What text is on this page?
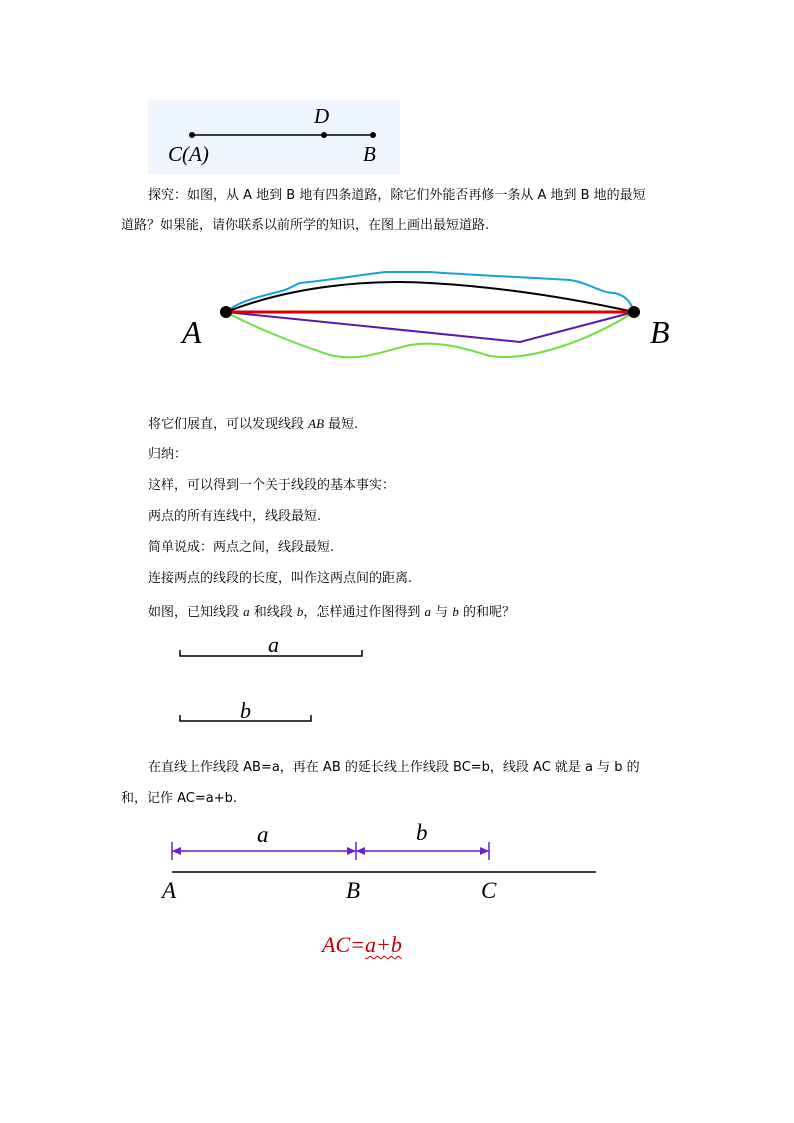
D
C(A)	B
探究：如图，从 A 地到 B 地有四条道路，除它们外能否再修一条从 A 地到 B 地的最短
道路？如果能，请你联系以前所学的知识，在图上画出最短道路.
A	B
将它们展直，可以发现线段 AB 最短.
归纳：
这样，可以得到一个关于线段的基本事实：
两点的所有连线中，线段最短.
简单说成：两点之间，线段最短.
连接两点的线段的长度，叫作这两点间的距离.
如图，已知线段 a 和线段 b，怎样通过作图得到 a 与 b 的和呢？
a
b
在直线上作线段 AB=a，再在 AB 的延长线上作线段 BC=b，线段 AC 就是 a 与 b 的
和，记作 AC=a+b.
a	b
A	B	C
AC=a+b
